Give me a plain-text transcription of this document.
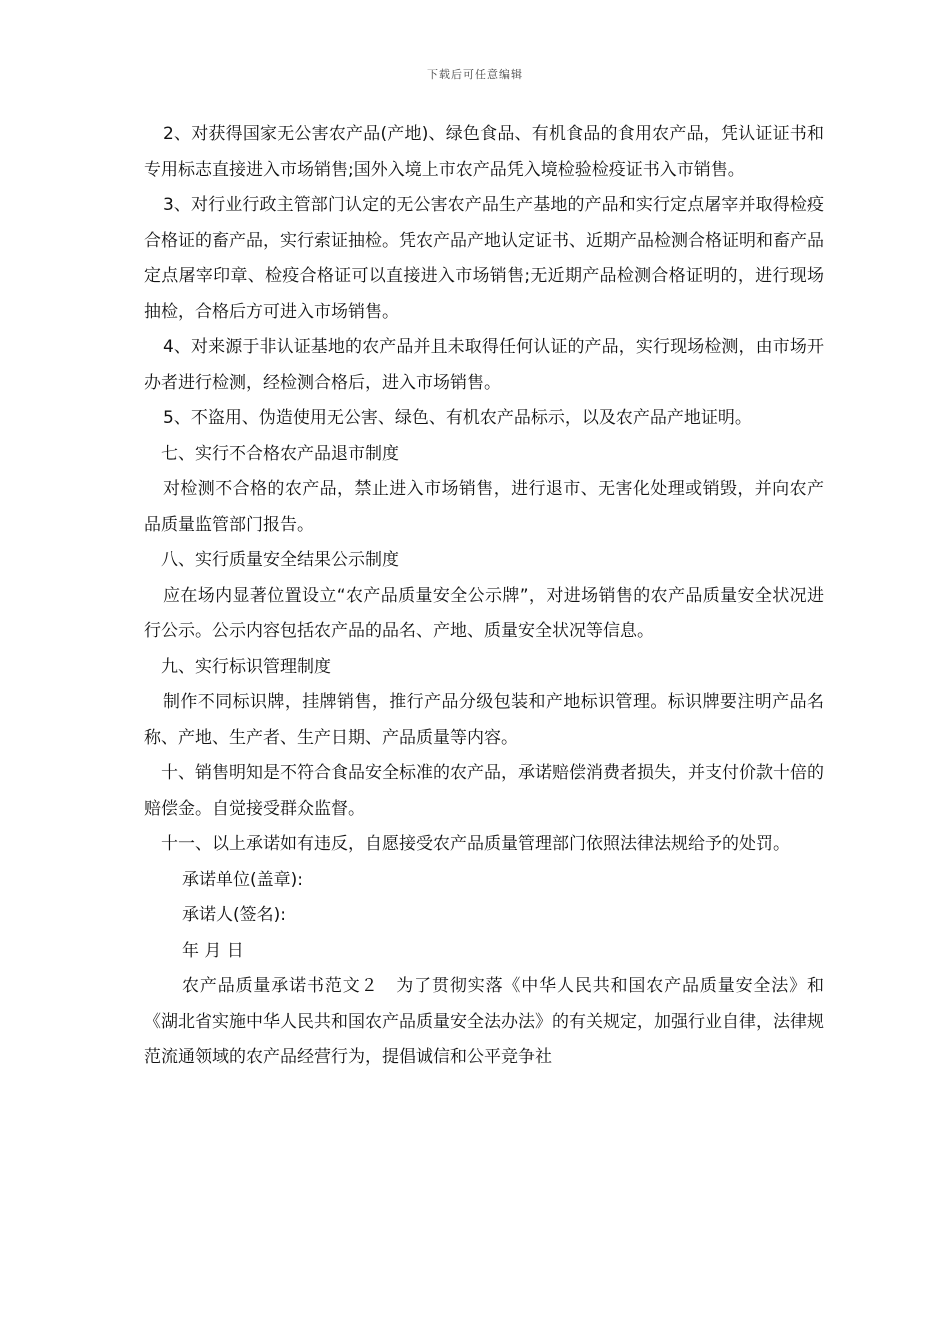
下载后可任意编辑

2、对获得国家无公害农产品(产地)、绿色食品、有机食品的食用农产品，凭认证证书和专用标志直接进入市场销售;国外入境上市农产品凭入境检验检疫证书入市销售。

3、对行业行政主管部门认定的无公害农产品生产基地的产品和实行定点屠宰并取得检疫合格证的畜产品，实行索证抽检。凭农产品产地认定证书、近期产品检测合格证明和畜产品定点屠宰印章、检疫合格证可以直接进入市场销售;无近期产品检测合格证明的，进行现场抽检，合格后方可进入市场销售。

4、对来源于非认证基地的农产品并且未取得任何认证的产品，实行现场检测，由市场开办者进行检测，经检测合格后，进入市场销售。

5、不盗用、伪造使用无公害、绿色、有机农产品标示，以及农产品产地证明。

七、实行不合格农产品退市制度

对检测不合格的农产品，禁止进入市场销售，进行退市、无害化处理或销毁，并向农产品质量监管部门报告。

八、实行质量安全结果公示制度

应在场内显著位置设立“农产品质量安全公示牌”，对进场销售的农产品质量安全状况进行公示。公示内容包括农产品的品名、产地、质量安全状况等信息。

九、实行标识管理制度

制作不同标识牌，挂牌销售，推行产品分级包装和产地标识管理。标识牌要注明产品名称、产地、生产者、生产日期、产品质量等内容。

十、销售明知是不符合食品安全标准的农产品，承诺赔偿消费者损失，并支付价款十倍的赔偿金。自觉接受群众监督。

十一、以上承诺如有违反，自愿接受农产品质量管理部门依照法律法规给予的处罚。

承诺单位(盖章):

承诺人(签名):

年 月 日

农产品质量承诺书范文２　为了贯彻实落《中华人民共和国农产品质量安全法》和《湖北省实施中华人民共和国农产品质量安全法办法》的有关规定，加强行业自律，法律规范流通领域的农产品经营行为，提倡诚信和公平竞争社
